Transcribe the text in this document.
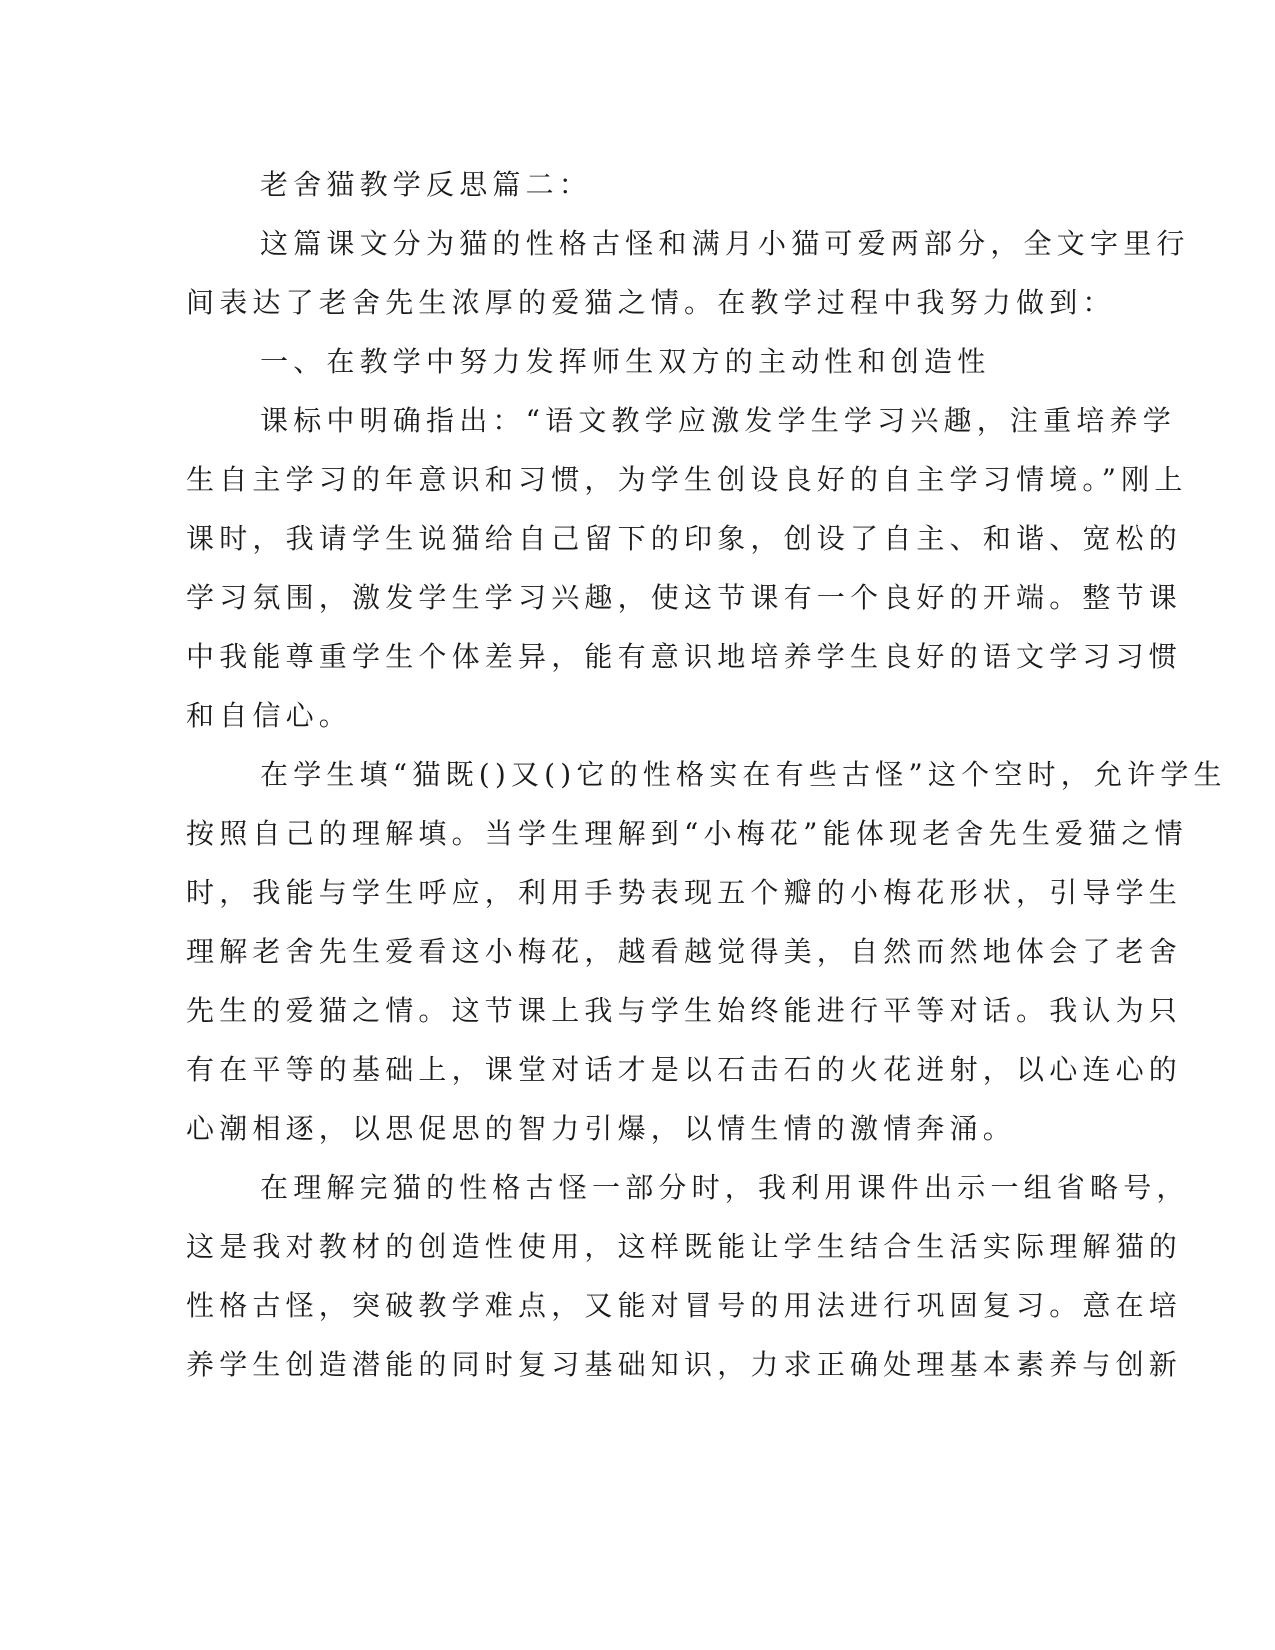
老舍猫教学反思篇二：
这篇课文分为猫的性格古怪和满月小猫可爱两部分，全文字里行
间表达了老舍先生浓厚的爱猫之情。在教学过程中我努力做到：
一、在教学中努力发挥师生双方的主动性和创造性
课标中明确指出：“语文教学应激发学生学习兴趣，注重培养学
生自主学习的年意识和习惯，为学生创设良好的自主学习情境。”刚上
课时，我请学生说猫给自己留下的印象，创设了自主、和谐、宽松的
学习氛围，激发学生学习兴趣，使这节课有一个良好的开端。整节课
中我能尊重学生个体差异，能有意识地培养学生良好的语文学习习惯
和自信心。
在学生填“猫既()又()它的性格实在有些古怪”这个空时，允许学生
按照自己的理解填。当学生理解到“小梅花”能体现老舍先生爱猫之情
时，我能与学生呼应，利用手势表现五个瓣的小梅花形状，引导学生
理解老舍先生爱看这小梅花，越看越觉得美，自然而然地体会了老舍
先生的爱猫之情。这节课上我与学生始终能进行平等对话。我认为只
有在平等的基础上，课堂对话才是以石击石的火花迸射，以心连心的
心潮相逐，以思促思的智力引爆，以情生情的激情奔涌。
在理解完猫的性格古怪一部分时，我利用课件出示一组省略号，
这是我对教材的创造性使用，这样既能让学生结合生活实际理解猫的
性格古怪，突破教学难点，又能对冒号的用法进行巩固复习。意在培
养学生创造潜能的同时复习基础知识，力求正确处理基本素养与创新
